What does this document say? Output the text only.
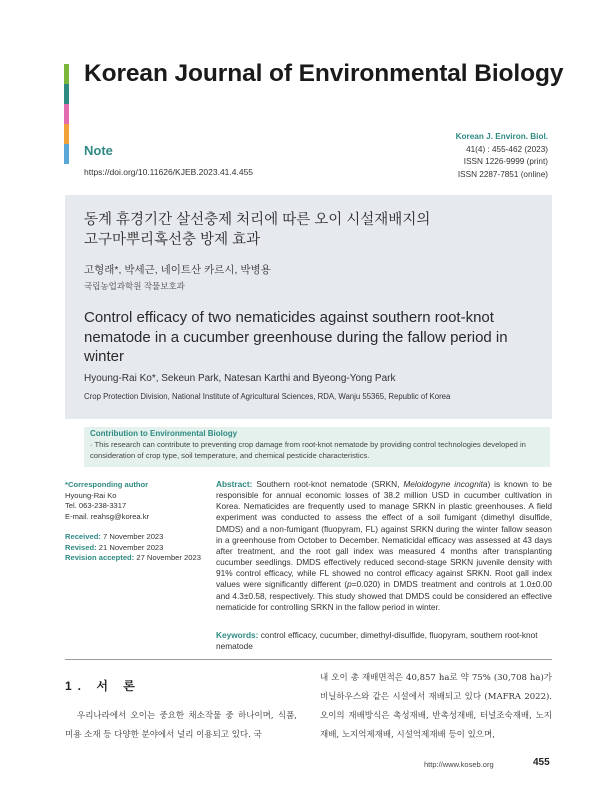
Korean Journal of Environmental Biology
Note
https://doi.org/10.11626/KJEB.2023.41.4.455
Korean J. Environ. Biol.
41(4) : 455-462 (2023)
ISSN 1226-9999 (print)
ISSN 2287-7851 (online)
동계 휴경기간 살선충제 처리에 따른 오이 시설재배지의
고구마뿌리혹선충 방제 효과
고형래*, 박세근, 네이트산 카르시, 박병용
국립농업과학원 작물보호과
Control efficacy of two nematicides against southern root-knot nematode in a cucumber greenhouse during the fallow period in winter
Hyoung-Rai Ko*, Sekeun Park, Natesan Karthi and Byeong-Yong Park
Crop Protection Division, National Institute of Agricultural Sciences, RDA, Wanju 55365, Republic of Korea
Contribution to Environmental Biology
· This research can contribute to preventing crop damage from root-knot nematode by providing control technologies developed in consideration of crop type, soil temperature, and chemical pesticide characteristics.
*Corresponding author
Hyoung-Rai Ko
Tel. 063-238-3317
E-mail. reahsg@korea.kr
Received: 7 November 2023
Revised: 21 November 2023
Revision accepted: 27 November 2023
Abstract: Southern root-knot nematode (SRKN, Meloidogyne incognita) is known to be responsible for annual economic losses of 38.2 million USD in cucumber cultivation in Korea. Nematicides are frequently used to manage SRKN in plastic greenhouses. A field experiment was conducted to assess the effect of a soil fumigant (dimethyl disulfide, DMDS) and a non-fumigant (fluopyram, FL) against SRKN during the winter fallow season in a greenhouse from October to December. Nematicidal efficacy was assessed at 43 days after treatment, and the root gall index was measured 4 months after transplanting cucumber seedlings. DMDS effectively reduced second-stage SRKN juvenile density with 91% control efficacy, while FL showed no control efficacy against SRKN. Root gall index values were significantly different (p=0.020) in DMDS treatment and controls at 1.0±0.00 and 4.3±0.58, respectively. This study showed that DMDS could be considered an effective nematicide for controlling SRKN in the fallow period in winter.
Keywords: control efficacy, cucumber, dimethyl-disulfide, fluopyram, southern root-knot nematode
1. 서 론
우리나라에서 오이는 중요한 채소작물 중 하나이며, 식품, 미용 소재 등 다양한 분야에서 널리 이용되고 있다. 국
내 오이 총 재배면적은 40,857 ha로 약 75% (30,708 ha)가 비닐하우스와 같은 시설에서 재배되고 있다 (MAFRA 2022). 오이의 재배방식은 촉성재배, 반촉성재배, 터널조숙재배, 노지재배, 노지억제재배, 시설억제재배 등이 있으며,
http://www.koseb.org	455
